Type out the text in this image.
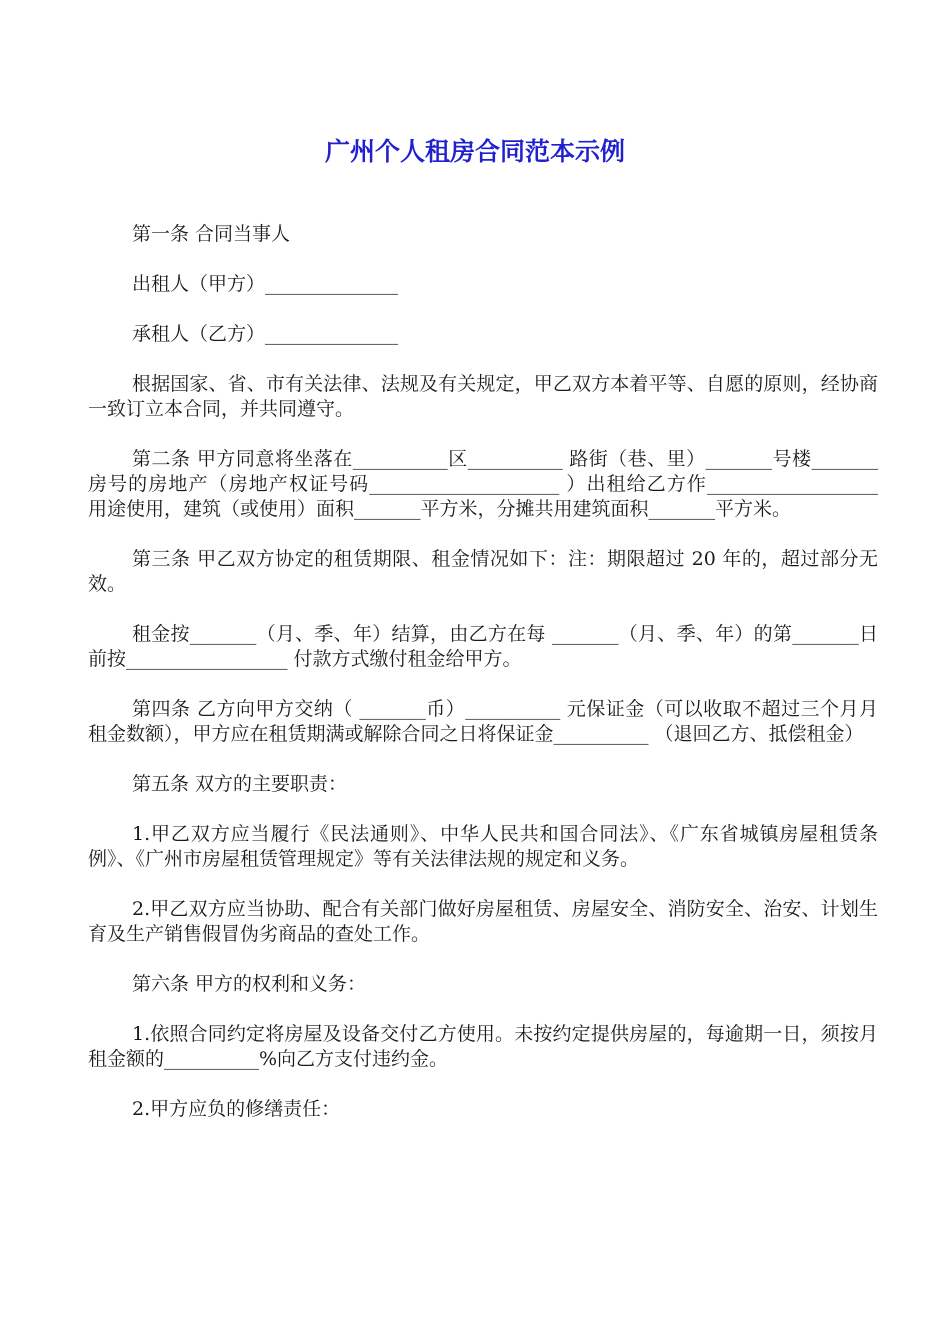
广州个人租房合同范本示例

第一条 合同当事人

出租人（甲方）______________

承租人（乙方）______________

根据国家、省、市有关法律、法规及有关规定，甲乙双方本着平等、自愿的原则，经协商一致订立本合同，并共同遵守。

第二条 甲方同意将坐落在__________区__________ 路街（巷、里）_______号楼_______房号的房地产（房地产权证号码____________________ ）出租给乙方作__________________ 用途使用，建筑（或使用）面积_______平方米，分摊共用建筑面积_______平方米。

第三条 甲乙双方协定的租赁期限、租金情况如下：注：期限超过 20 年的，超过部分无效。

租金按_______（月、季、年）结算，由乙方在每 _______（月、季、年）的第_______日前按_________________ 付款方式缴付租金给甲方。

第四条 乙方向甲方交纳（ _______币）__________ 元保证金（可以收取不超过三个月月租金数额），甲方应在租赁期满或解除合同之日将保证金__________ （退回乙方、抵偿租金）

第五条 双方的主要职责：

1.甲乙双方应当履行《民法通则》、中华人民共和国合同法》、《广东省城镇房屋租赁条例》、《广州市房屋租赁管理规定》等有关法律法规的规定和义务。

2.甲乙双方应当协助、配合有关部门做好房屋租赁、房屋安全、消防安全、治安、计划生育及生产销售假冒伪劣商品的查处工作。

第六条 甲方的权利和义务：

1.依照合同约定将房屋及设备交付乙方使用。未按约定提供房屋的，每逾期一日，须按月租金额的__________%向乙方支付违约金。

2.甲方应负的修缮责任：
